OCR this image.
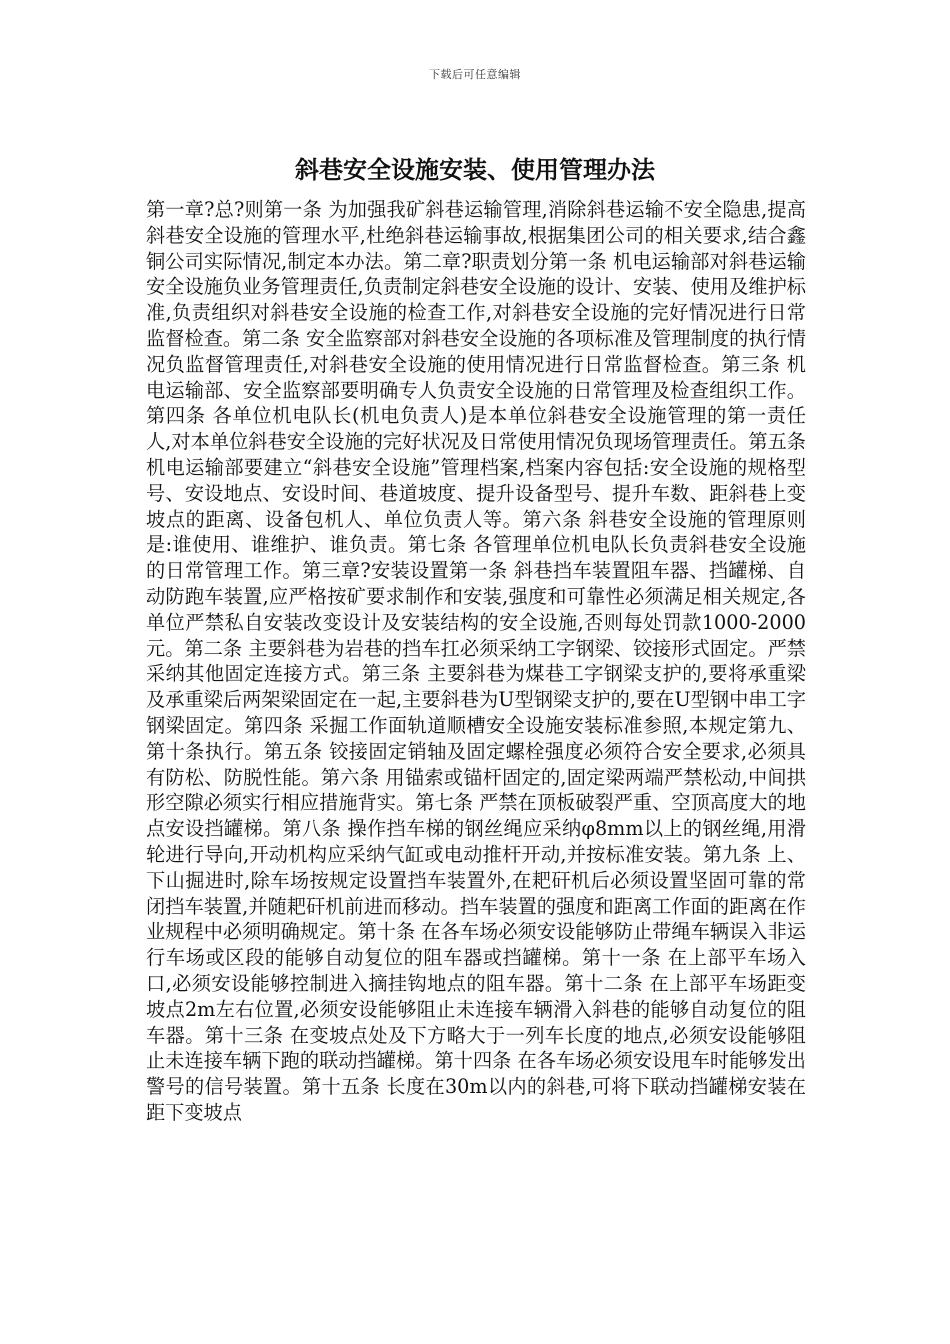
下载后可任意编辑
斜巷安全设施安装、使用管理办法

第一章?总?则第一条 为加强我矿斜巷运输管理,消除斜巷运输不安全隐患,提高斜巷安全设施的管理水平,杜绝斜巷运输事故,根据集团公司的相关要求,结合鑫铜公司实际情况,制定本办法。第二章?职责划分第一条 机电运输部对斜巷运输安全设施负业务管理责任,负责制定斜巷安全设施的设计、安装、使用及维护标准,负责组织对斜巷安全设施的检查工作,对斜巷安全设施的完好情况进行日常监督检查。第二条 安全监察部对斜巷安全设施的各项标准及管理制度的执行情况负监督管理责任,对斜巷安全设施的使用情况进行日常监督检查。第三条 机电运输部、安全监察部要明确专人负责安全设施的日常管理及检查组织工作。第四条 各单位机电队长(机电负责人)是本单位斜巷安全设施管理的第一责任人,对本单位斜巷安全设施的完好状况及日常使用情况负现场管理责任。第五条 机电运输部要建立“斜巷安全设施”管理档案,档案内容包括:安全设施的规格型号、安设地点、安设时间、巷道坡度、提升设备型号、提升车数、距斜巷上变坡点的距离、设备包机人、单位负责人等。第六条 斜巷安全设施的管理原则是:谁使用、谁维护、谁负责。第七条 各管理单位机电队长负责斜巷安全设施的日常管理工作。第三章?安装设置第一条 斜巷挡车装置阻车器、挡罐梯、自动防跑车装置,应严格按矿要求制作和安装,强度和可靠性必须满足相关规定,各单位严禁私自安装改变设计及安装结构的安全设施,否则每处罚款1000-2000元。第二条 主要斜巷为岩巷的挡车扛必须采纳工字钢梁、铰接形式固定。严禁采纳其他固定连接方式。第三条 主要斜巷为煤巷工字钢梁支护的,要将承重梁及承重梁后两架梁固定在一起,主要斜巷为U型钢梁支护的,要在U型钢中串工字钢梁固定。第四条 采掘工作面轨道顺槽安全设施安装标准参照,本规定第九、第十条执行。第五条 铰接固定销轴及固定螺栓强度必须符合安全要求,必须具有防松、防脱性能。第六条 用锚索或锚杆固定的,固定梁两端严禁松动,中间拱形空隙必须实行相应措施背实。第七条 严禁在顶板破裂严重、空顶高度大的地点安设挡罐梯。第八条 操作挡车梯的钢丝绳应采纳φ8mm以上的钢丝绳,用滑轮进行导向,开动机构应采纳气缸或电动推杆开动,并按标准安装。第九条 上、下山掘进时,除车场按规定设置挡车装置外,在耙矸机后必须设置坚固可靠的常闭挡车装置,并随耙矸机前进而移动。挡车装置的强度和距离工作面的距离在作业规程中必须明确规定。第十条 在各车场必须安设能够防止带绳车辆误入非运行车场或区段的能够自动复位的阻车器或挡罐梯。第十一条 在上部平车场入口,必须安设能够控制进入摘挂钩地点的阻车器。第十二条 在上部平车场距变坡点2m左右位置,必须安设能够阻止未连接车辆滑入斜巷的能够自动复位的阻车器。第十三条 在变坡点处及下方略大于一列车长度的地点,必须安设能够阻止未连接车辆下跑的联动挡罐梯。第十四条 在各车场必须安设甩车时能够发出警号的信号装置。第十五条 长度在30m以内的斜巷,可将下联动挡罐梯安装在距下变坡点
